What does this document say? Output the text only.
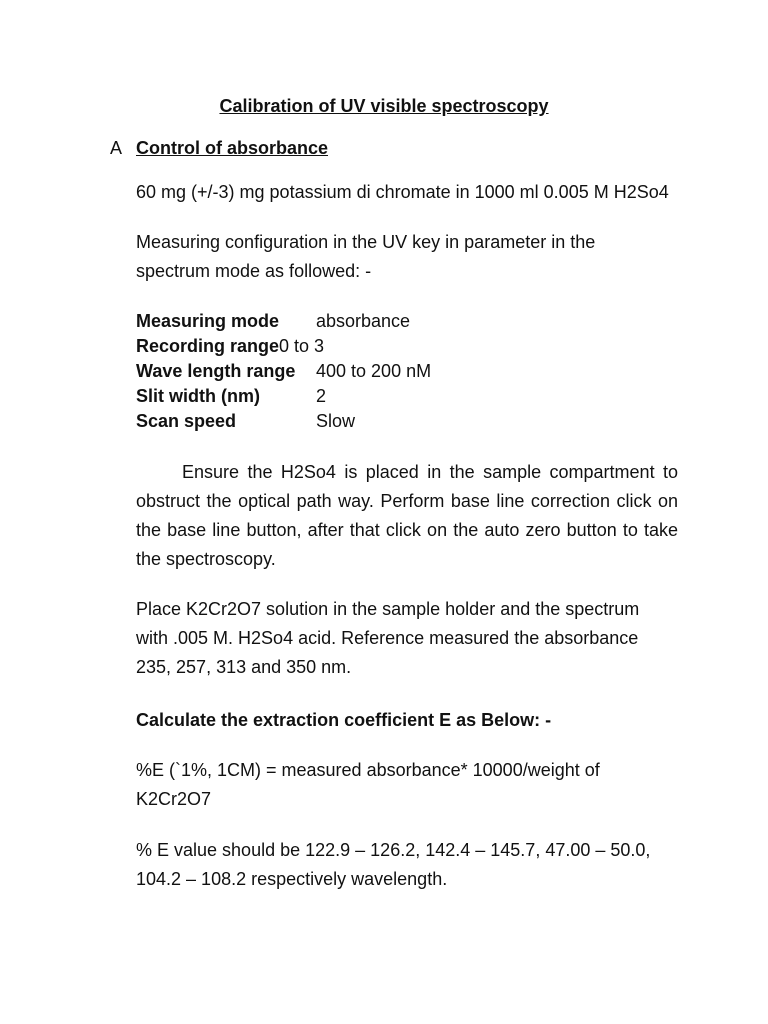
Calibration of UV visible spectroscopy
A Control of absorbance
60 mg (+/-3) mg potassium di chromate in 1000 ml 0.005 M H2So4
Measuring configuration in the UV key in parameter in the spectrum mode as followed: -
Measuring mode absorbance
Recording range0 to 3
Wave length range 400 to 200 nM
Slit width (nm)	2
Scan speed	Slow
Ensure the H2So4 is placed in the sample compartment to obstruct the optical path way. Perform base line correction click on the base line button, after that click on the auto zero button to take the spectroscopy.
Place K2Cr2O7 solution in the sample holder and the spectrum with .005 M. H2So4 acid. Reference measured the absorbance 235, 257, 313 and 350 nm.
Calculate the extraction coefficient E as Below: -
%E (`1%, 1CM) = measured absorbance* 10000/weight of K2Cr2O7
% E value should be 122.9 – 126.2, 142.4 – 145.7, 47.00 – 50.0, 104.2 – 108.2 respectively wavelength.
